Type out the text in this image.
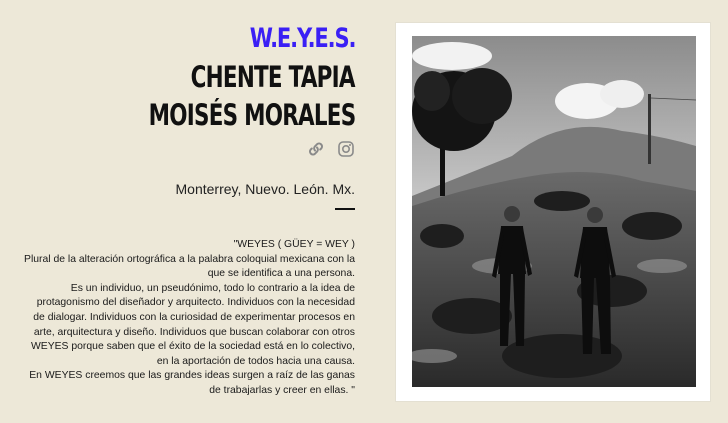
W.E.Y.E.S.
CHENTE TAPIA
MOISÉS MORALES
Monterrey, Nuevo. León. Mx.
"WEYES ( GÜEY = WEY )
Plural de la alteración ortográfica a la palabra coloquial mexicana con la
que se identifica a una persona.
Es un individuo, un pseudónimo, todo lo contrario a la idea de
protagonismo del diseñador y arquitecto. Individuos con la necesidad
de dialogar. Individuos con la curiosidad de experimentar procesos en
arte, arquitectura y diseño. Individuos que buscan colaborar con otros
WEYES porque saben que el éxito de la sociedad está en lo colectivo,
en la aportación de todos hacia una causa.
En WEYES creemos que las grandes ideas surgen a raíz de las ganas
de trabajarlas y creer en ellas. "
